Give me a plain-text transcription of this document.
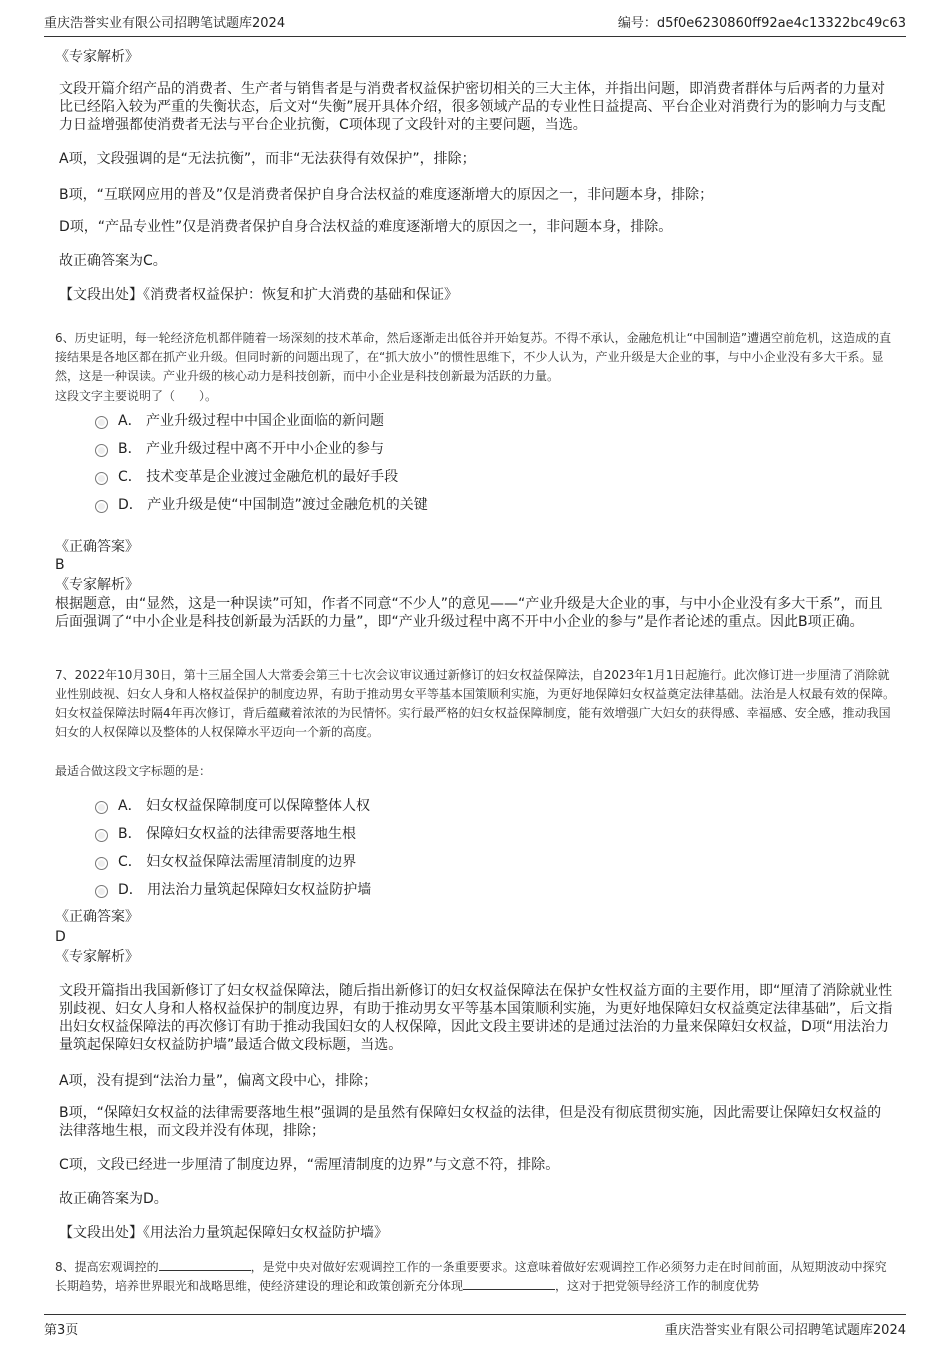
重庆浩誉实业有限公司招聘笔试题库2024	编号：d5f0e6230860ff92ae4c13322bc49c63

《专家解析》

文段开篇介绍产品的消费者、生产者与销售者是与消费者权益保护密切相关的三大主体，并指出问题，即消费者群体与后两者的力量对比已经陷入较为严重的失衡状态，后文对“失衡”展开具体介绍，很多领域产品的专业性日益提高、平台企业对消费行为的影响力与支配力日益增强都使消费者无法与平台企业抗衡，C项体现了文段针对的主要问题，当选。

A项，文段强调的是“无法抗衡”，而非“无法获得有效保护”，排除；

B项，“互联网应用的普及”仅是消费者保护自身合法权益的难度逐渐增大的原因之一，非问题本身，排除；

D项，“产品专业性”仅是消费者保护自身合法权益的难度逐渐增大的原因之一，非问题本身，排除。

故正确答案为C。

【文段出处】《消费者权益保护：恢复和扩大消费的基础和保证》

6、历史证明，每一轮经济危机都伴随着一场深刻的技术革命，然后逐渐走出低谷并开始复苏。不得不承认，金融危机让“中国制造”遭遇空前危机，这造成的直接结果是各地区都在抓产业升级。但同时新的问题出现了，在“抓大放小”的惯性思维下，不少人认为，产业升级是大企业的事，与中小企业没有多大干系。显然，这是一种误读。产业升级的核心动力是科技创新，而中小企业是科技创新最为活跃的力量。

这段文字主要说明了（　　）。

A． 产业升级过程中中国企业面临的新问题
B． 产业升级过程中离不开中小企业的参与
C． 技术变革是企业渡过金融危机的最好手段
D． 产业升级是使“中国制造”渡过金融危机的关键

《正确答案》

B

《专家解析》

根据题意，由“显然，这是一种误读”可知，作者不同意“不少人”的意见——“产业升级是大企业的事，与中小企业没有多大干系”，而且后面强调了“中小企业是科技创新最为活跃的力量”，即“产业升级过程中离不开中小企业的参与”是作者论述的重点。因此B项正确。

7、2022年10月30日，第十三届全国人大常委会第三十七次会议审议通过新修订的妇女权益保障法，自2023年1月1日起施行。此次修订进一步厘清了消除就业性别歧视、妇女人身和人格权益保护的制度边界，有助于推动男女平等基本国策顺利实施，为更好地保障妇女权益奠定法律基础。法治是人权最有效的保障。妇女权益保障法时隔4年再次修订，背后蕴藏着浓浓的为民情怀。实行最严格的妇女权益保障制度，能有效增强广大妇女的获得感、幸福感、安全感，推动我国妇女的人权保障以及整体的人权保障水平迈向一个新的高度。

最适合做这段文字标题的是：

A． 妇女权益保障制度可以保障整体人权
B． 保障妇女权益的法律需要落地生根
C． 妇女权益保障法需厘清制度的边界
D． 用法治力量筑起保障妇女权益防护墙

《正确答案》

D

《专家解析》

文段开篇指出我国新修订了妇女权益保障法，随后指出新修订的妇女权益保障法在保护女性权益方面的主要作用，即“厘清了消除就业性别歧视、妇女人身和人格权益保护的制度边界，有助于推动男女平等基本国策顺利实施，为更好地保障妇女权益奠定法律基础”，后文指出妇女权益保障法的再次修订有助于推动我国妇女的人权保障，因此文段主要讲述的是通过法治的力量来保障妇女权益，D项“用法治力量筑起保障妇女权益防护墙”最适合做文段标题，当选。

A项，没有提到“法治力量”，偏离文段中心，排除；

B项，“保障妇女权益的法律需要落地生根”强调的是虽然有保障妇女权益的法律，但是没有彻底贯彻实施，因此需要让保障妇女权益的法律落地生根，而文段并没有体现，排除；

C项，文段已经进一步厘清了制度边界，“需厘清制度的边界”与文意不符，排除。

故正确答案为D。

【文段出处】《用法治力量筑起保障妇女权益防护墙》

8、提高宏观调控的	，是党中央对做好宏观调控工作的一条重要要求。这意味着做好宏观调控工作必须努力走在时间前面，从短期波动中探究长期趋势，培养世界眼光和战略思维，使经济建设的理论和政策创新充分体现	，这对于把党领导经济工作的制度优势

第3页	重庆浩誉实业有限公司招聘笔试题库2024
